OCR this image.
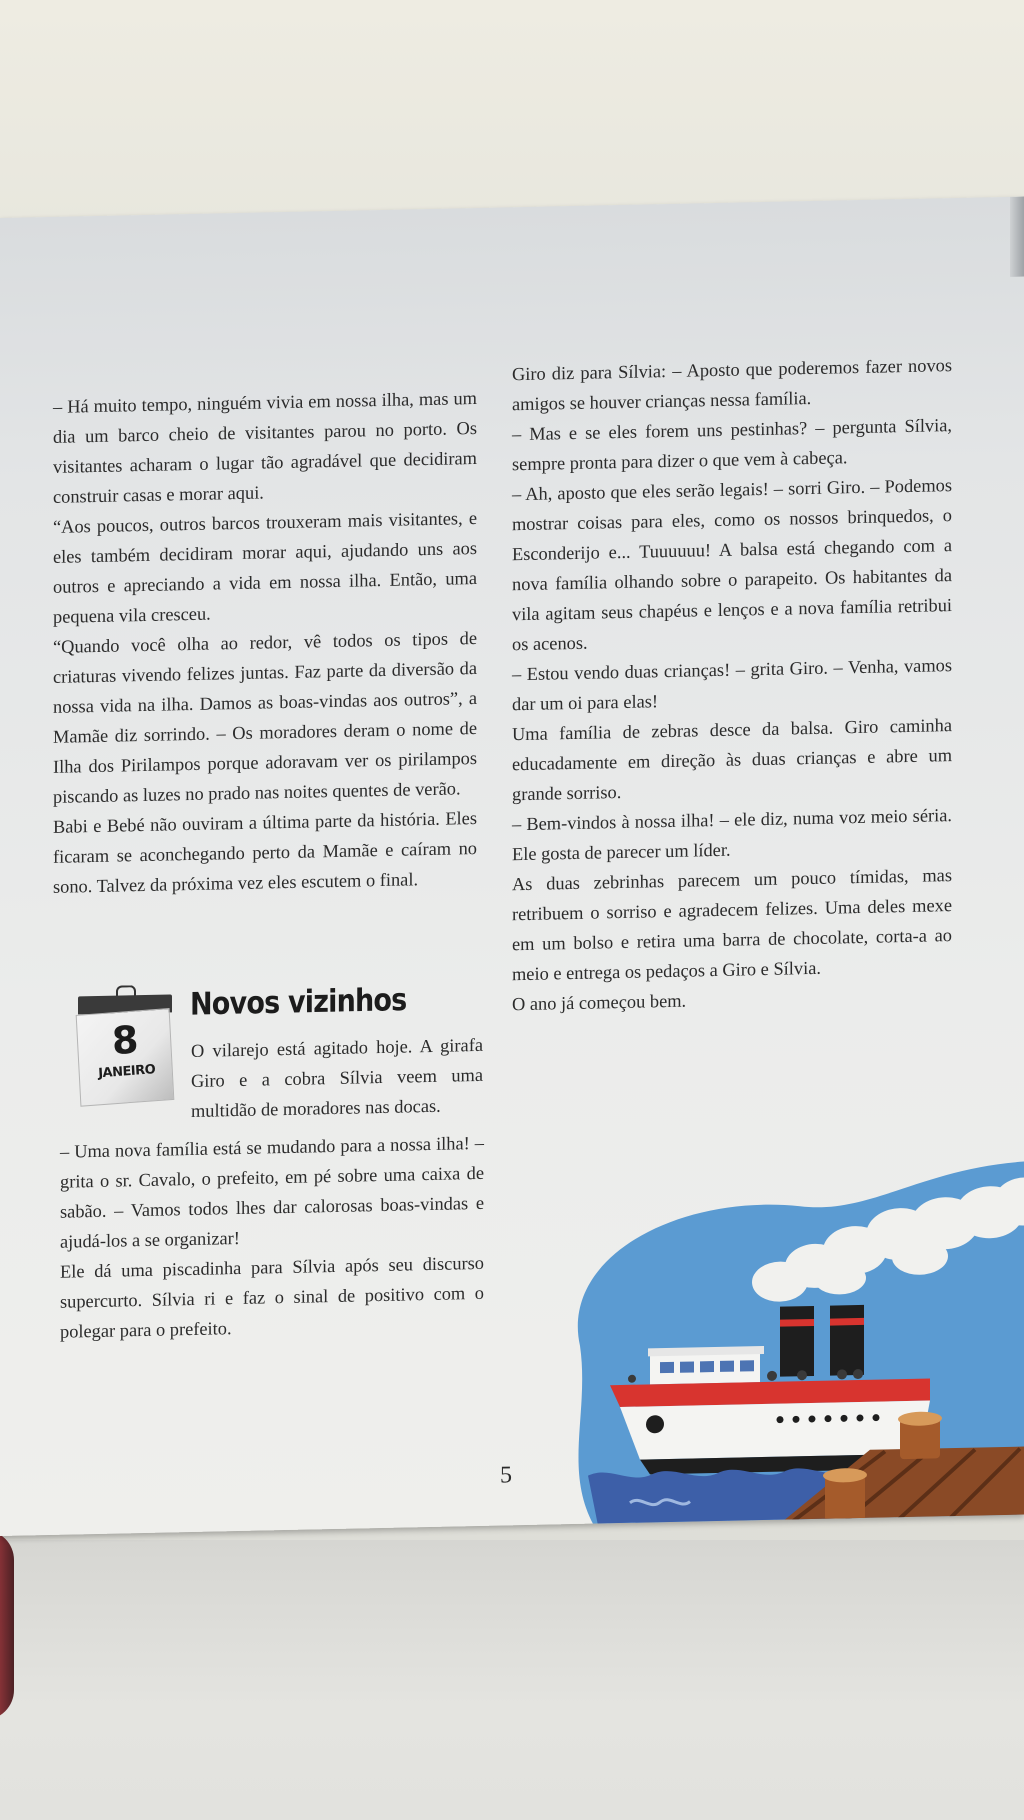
– Há muito tempo, ninguém vivia em nossa ilha, mas um dia um barco cheio de visitantes parou no porto. Os visitantes acharam o lugar tão agradável que decidiram construir casas e morar aqui.

“Aos poucos, outros barcos trouxeram mais visitantes, e eles também decidiram morar aqui, ajudando uns aos outros e apreciando a vida em nossa ilha. Então, uma pequena vila cresceu.

“Quando você olha ao redor, vê todos os tipos de criaturas vivendo felizes juntas. Faz parte da diversão da nossa vida na ilha. Damos as boas-vindas aos outros”, a Mamãe diz sorrindo. – Os moradores deram o nome de Ilha dos Pirilampos porque adoravam ver os pirilampos piscando as luzes no prado nas noites quentes de verão.

Babi e Bebé não ouviram a última parte da história. Eles ficaram se aconchegando perto da Mamãe e caíram no sono. Talvez da próxima vez eles escutem o final.

8
JANEIRO
Novos vizinhos

O vilarejo está agitado hoje. A girafa Giro e a cobra Sílvia veem uma multidão de moradores nas docas.

– Uma nova família está se mudando para a nossa ilha! – grita o sr. Cavalo, o prefeito, em pé sobre uma caixa de sabão. – Vamos todos lhes dar calorosas boas-vindas e ajudá-los a se organizar!

Ele dá uma piscadinha para Sílvia após seu discurso supercurto. Sílvia ri e faz o sinal de positivo com o polegar para o prefeito.

Giro diz para Sílvia: – Aposto que poderemos fazer novos amigos se houver crianças nessa família.

– Mas e se eles forem uns pestinhas? – pergunta Sílvia, sempre pronta para dizer o que vem à cabeça.

– Ah, aposto que eles serão legais! – sorri Giro. – Podemos mostrar coisas para eles, como os nossos brinquedos, o Esconderijo e... Tuuuuuu! A balsa está chegando com a nova família olhando sobre o parapeito. Os habitantes da vila agitam seus chapéus e lenços e a nova família retribui os acenos.

– Estou vendo duas crianças! – grita Giro. – Venha, vamos dar um oi para elas!

Uma família de zebras desce da balsa. Giro caminha educadamente em direção às duas crianças e abre um grande sorriso.

– Bem-vindos à nossa ilha! – ele diz, numa voz meio séria. Ele gosta de parecer um líder.

As duas zebrinhas parecem um pouco tímidas, mas retribuem o sorriso e agradecem felizes. Uma deles mexe em um bolso e retira uma barra de chocolate, corta-a ao meio e entrega os pedaços a Giro e Sílvia.

O ano já começou bem.

5
